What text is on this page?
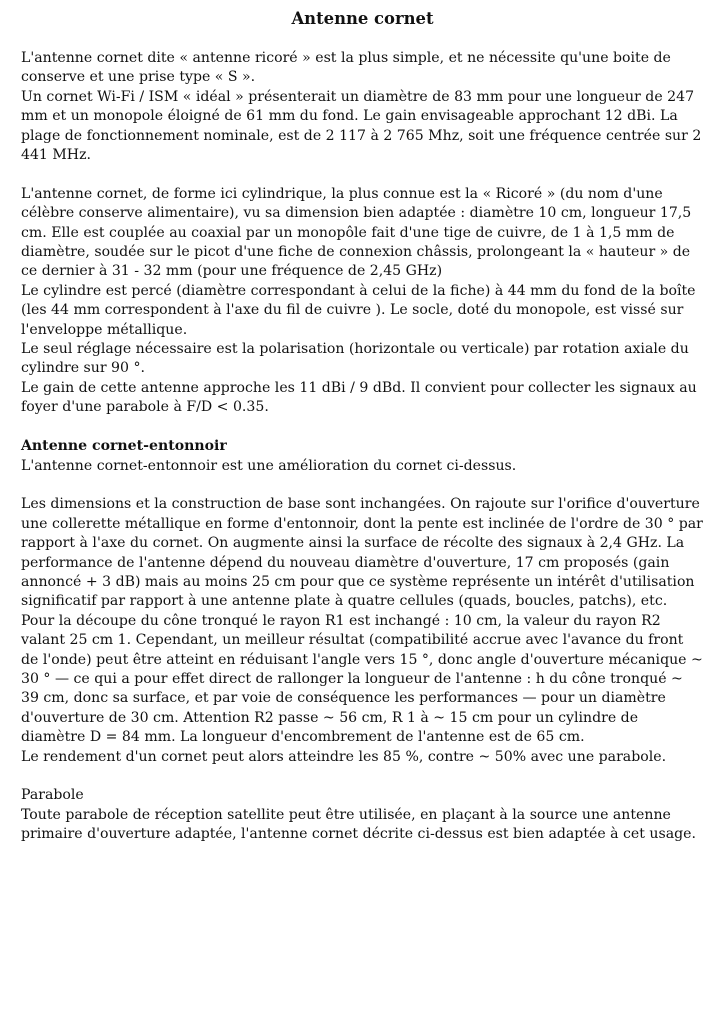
Antenne cornet

L'antenne cornet dite « antenne ricoré » est la plus simple, et ne nécessite qu'une boite de conserve et une prise type « S ».

Un cornet Wi-Fi / ISM « idéal » présenterait un diamètre de 83 mm pour une longueur de 247 mm et un monopole éloigné de 61 mm du fond. Le gain envisageable approchant 12 dBi. La plage de fonctionnement nominale, est de 2 117 à 2 765 Mhz, soit une fréquence centrée sur 2 441 MHz.

L'antenne cornet, de forme ici cylindrique, la plus connue est la « Ricoré » (du nom d'une célèbre conserve alimentaire), vu sa dimension bien adaptée : diamètre 10 cm, longueur 17,5 cm. Elle est couplée au coaxial par un monopôle fait d'une tige de cuivre, de 1 à 1,5 mm de diamètre, soudée sur le picot d'une fiche de connexion châssis, prolongeant la « hauteur » de ce dernier à 31 - 32 mm (pour une fréquence de 2,45 GHz)

Le cylindre est percé (diamètre correspondant à celui de la fiche) à 44 mm du fond de la boîte (les 44 mm correspondent à l'axe du fil de cuivre ). Le socle, doté du monopole, est vissé sur l'enveloppe métallique.

Le seul réglage nécessaire est la polarisation (horizontale ou verticale) par rotation axiale du cylindre sur 90 °.

Le gain de cette antenne approche les 11 dBi / 9 dBd. Il convient pour collecter les signaux au foyer d'une parabole à F/D < 0.35.

Antenne cornet-entonnoir

L'antenne cornet-entonnoir est une amélioration du cornet ci-dessus.

Les dimensions et la construction de base sont inchangées. On rajoute sur l'orifice d'ouverture une collerette métallique en forme d'entonnoir, dont la pente est inclinée de l'ordre de 30 ° par rapport à l'axe du cornet. On augmente ainsi la surface de récolte des signaux à 2,4 GHz. La performance de l'antenne dépend du nouveau diamètre d'ouverture, 17 cm proposés (gain annoncé + 3 dB) mais au moins 25 cm pour que ce système représente un intérêt d'utilisation significatif par rapport à une antenne plate à quatre cellules (quads, boucles, patchs), etc.

Pour la découpe du cône tronqué le rayon R1 est inchangé : 10 cm, la valeur du rayon R2 valant 25 cm 1. Cependant, un meilleur résultat (compatibilité accrue avec l'avance du front de l'onde) peut être atteint en réduisant l'angle vers 15 °, donc angle d'ouverture mécanique ~ 30 ° — ce qui a pour effet direct de rallonger la longueur de l'antenne : h du cône tronqué ~ 39 cm, donc sa surface, et par voie de conséquence les performances — pour un diamètre d'ouverture de 30 cm. Attention R2 passe ~ 56 cm, R 1 à ~ 15 cm pour un cylindre de diamètre D = 84 mm. La longueur d'encombrement de l'antenne est de 65 cm.

Le rendement d'un cornet peut alors atteindre les 85 %, contre ~ 50% avec une parabole.

Parabole

Toute parabole de réception satellite peut être utilisée, en plaçant à la source une antenne primaire d'ouverture adaptée, l'antenne cornet décrite ci-dessus est bien adaptée à cet usage.
